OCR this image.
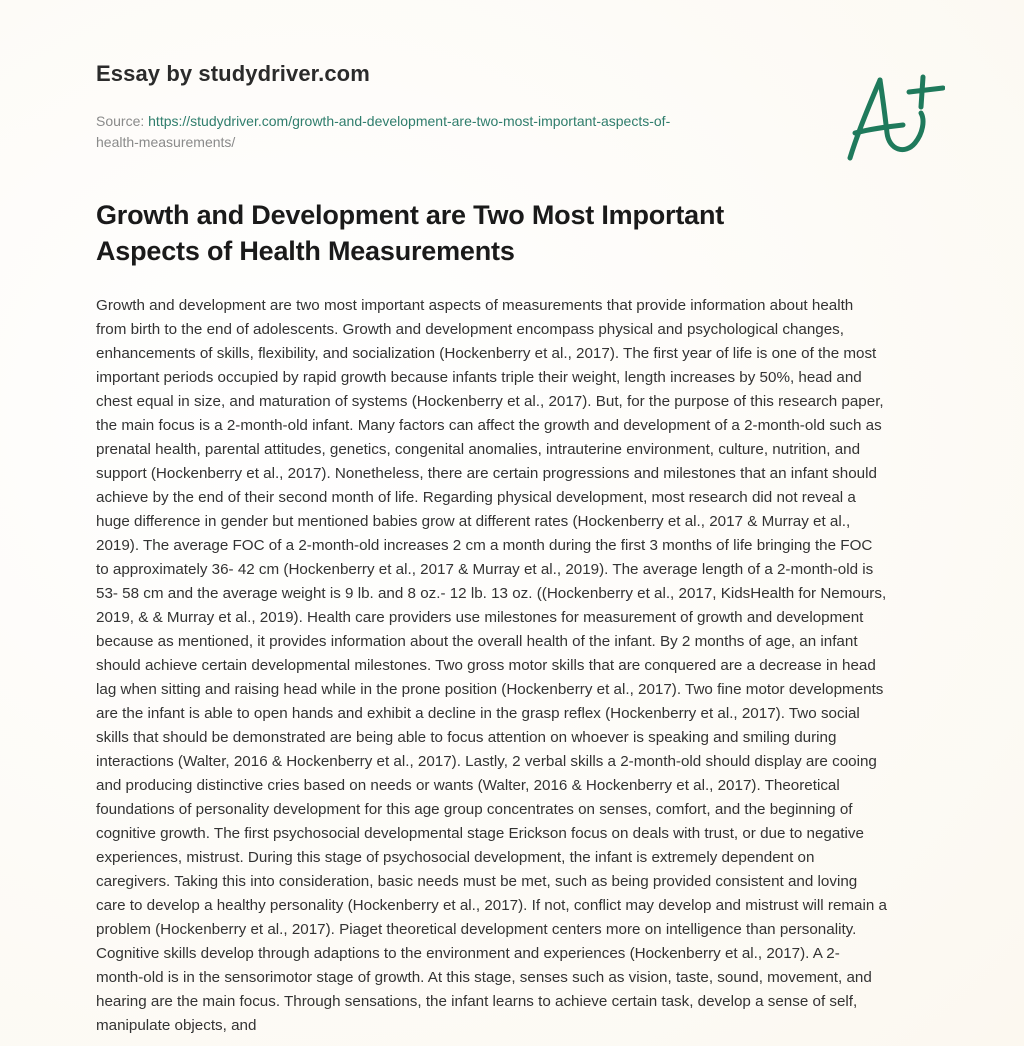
Essay by studydriver.com
Source: https://studydriver.com/growth-and-development-are-two-most-important-aspects-of-
health-measurements/
Growth and Development are Two Most Important
Aspects of Health Measurements

Growth and development are two most important aspects of measurements that provide information about health
from birth to the end of adolescents. Growth and development encompass physical and psychological changes,
enhancements of skills, flexibility, and socialization (Hockenberry et al., 2017). The first year of life is one of the most
important periods occupied by rapid growth because infants triple their weight, length increases by 50%, head and
chest equal in size, and maturation of systems (Hockenberry et al., 2017). But, for the purpose of this research paper,
the main focus is a 2-month-old infant. Many factors can affect the growth and development of a 2-month-old such as
prenatal health, parental attitudes, genetics, congenital anomalies, intrauterine environment, culture, nutrition, and
support (Hockenberry et al., 2017). Nonetheless, there are certain progressions and milestones that an infant should
achieve by the end of their second month of life. Regarding physical development, most research did not reveal a
huge difference in gender but mentioned babies grow at different rates (Hockenberry et al., 2017 & Murray et al.,
2019). The average FOC of a 2-month-old increases 2 cm a month during the first 3 months of life bringing the FOC
to approximately 36- 42 cm (Hockenberry et al., 2017 & Murray et al., 2019). The average length of a 2-month-old is
53- 58 cm and the average weight is 9 lb. and 8 oz.- 12 lb. 13 oz. ((Hockenberry et al., 2017, KidsHealth for Nemours,
2019, & & Murray et al., 2019). Health care providers use milestones for measurement of growth and development
because as mentioned, it provides information about the overall health of the infant. By 2 months of age, an infant
should achieve certain developmental milestones. Two gross motor skills that are conquered are a decrease in head
lag when sitting and raising head while in the prone position (Hockenberry et al., 2017). Two fine motor developments
are the infant is able to open hands and exhibit a decline in the grasp reflex (Hockenberry et al., 2017). Two social
skills that should be demonstrated are being able to focus attention on whoever is speaking and smiling during
interactions (Walter, 2016 & Hockenberry et al., 2017). Lastly, 2 verbal skills a 2-month-old should display are cooing
and producing distinctive cries based on needs or wants (Walter, 2016 & Hockenberry et al., 2017). Theoretical
foundations of personality development for this age group concentrates on senses, comfort, and the beginning of
cognitive growth. The first psychosocial developmental stage Erickson focus on deals with trust, or due to negative
experiences, mistrust. During this stage of psychosocial development, the infant is extremely dependent on
caregivers. Taking this into consideration, basic needs must be met, such as being provided consistent and loving
care to develop a healthy personality (Hockenberry et al., 2017). If not, conflict may develop and mistrust will remain a
problem (Hockenberry et al., 2017). Piaget theoretical development centers more on intelligence than personality.
Cognitive skills develop through adaptions to the environment and experiences (Hockenberry et al., 2017). A 2-
month-old is in the sensorimotor stage of growth. At this stage, senses such as vision, taste, sound, movement, and
hearing are the main focus. Through sensations, the infant learns to achieve certain task, develop a sense of self,
manipulate objects, and
